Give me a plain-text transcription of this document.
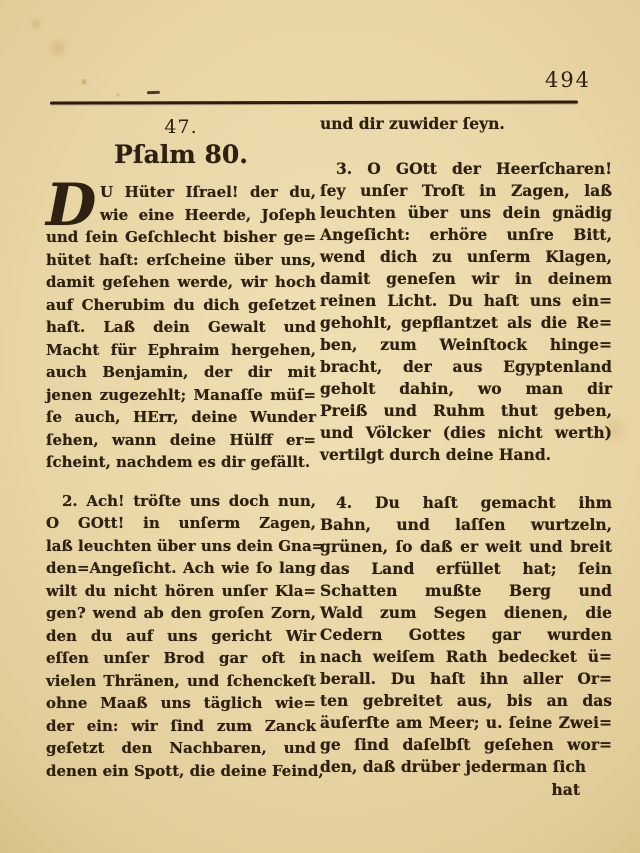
494
47.
Pſalm 80.
D U Hüter Iſrael! der du,
wie eine Heerde, Joſeph
und ſein Geſchlecht bisher ge=
hütet haſt: erſcheine über uns,
damit geſehen werde, wir hoch
auf Cherubim du dich geſetzet
haſt. Laß dein Gewalt und
Macht für Ephraim hergehen,
auch Benjamin, der dir mit
jenen zugezehlt; Manaſſe müſ=
ſe auch, HErr, deine Wunder
ſehen, wann deine Hülff er=
ſcheint, nachdem es dir gefällt.
2. Ach! tröſte uns doch nun,
O GOtt! in unſerm Zagen,
laß leuchten über uns dein Gna=
den=Angeſicht. Ach wie ſo lang
wilt du nicht hören unſer Kla=
gen? wend ab den groſen Zorn,
den du auf uns gericht Wir
eſſen unſer Brod gar oft in
vielen Thränen, und ſchenckeſt
ohne Maaß uns täglich wie=
der ein: wir ſind zum Zanck
geſetzt den Nachbaren, und
denen ein Spott, die deine Feind,
und dir zuwider ſeyn.
3. O GOtt der Heerſcharen!
ſey unſer Troſt in Zagen, laß
leuchten über uns dein gnädig
Angeſicht: erhöre unſre Bitt,
wend dich zu unſerm Klagen,
damit geneſen wir in deinem
reinen Licht. Du haſt uns ein=
gehohlt, gepflantzet als die Re=
ben, zum Weinſtock hinge=
bracht, der aus Egyptenland
geholt dahin, wo man dir
Preiß und Ruhm thut geben,
und Völcker (dies nicht werth)
vertilgt durch deine Hand.
4. Du haſt gemacht ihm
Bahn, und laſſen wurtzeln,
grünen, ſo daß er weit und breit
das Land erfüllet hat; ſein
Schatten mußte Berg und
Wald zum Segen dienen, die
Cedern Gottes gar wurden
nach weiſem Rath bedecket ü=
berall. Du haſt ihn aller Or=
ten gebreitet aus, bis an das
äuſerſte am Meer; u. ſeine Zwei=
ge ſind daſelbſt geſehen wor=
den, daß drüber jederman ſich
hat
